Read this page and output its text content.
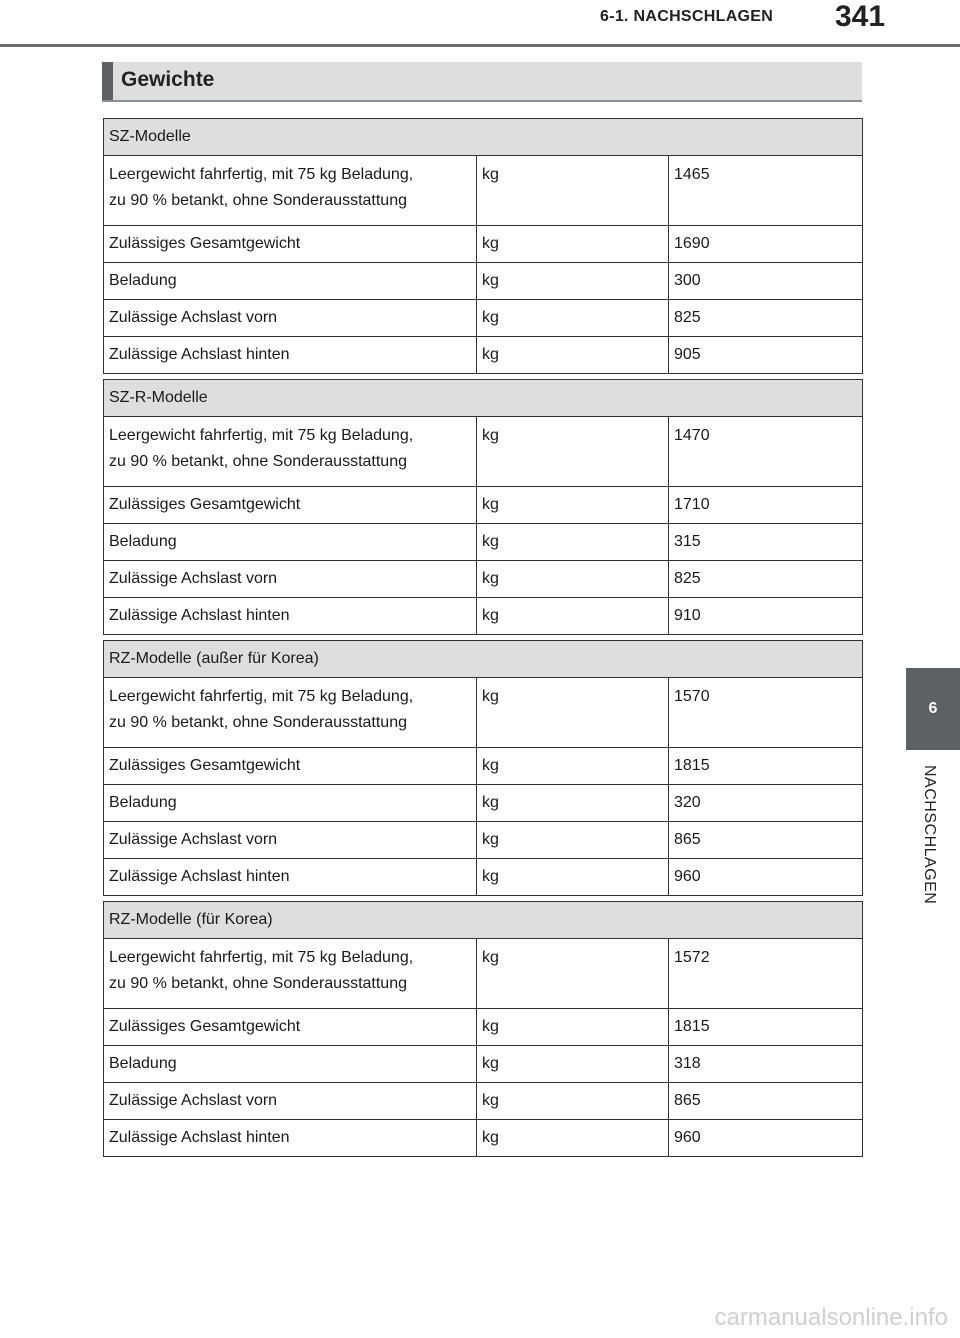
6-1. NACHSCHLAGEN 341
6
NACHSCHLAGEN
Gewichte
SZ-Modelle		
Leergewicht fahrfertig, mit 75 kg Beladung,
zu 90 % betankt, ohne Sonderausstattung	kg	1465
Zulässiges Gesamtgewicht	kg	1690
Beladung	kg	300
Zulässige Achslast vorn	kg	825
Zulässige Achslast hinten	kg	905
SZ-R-Modelle		
Leergewicht fahrfertig, mit 75 kg Beladung,
zu 90 % betankt, ohne Sonderausstattung	kg	1470
Zulässiges Gesamtgewicht	kg	1710
Beladung	kg	315
Zulässige Achslast vorn	kg	825
Zulässige Achslast hinten	kg	910
RZ-Modelle (außer für Korea)		
Leergewicht fahrfertig, mit 75 kg Beladung,
zu 90 % betankt, ohne Sonderausstattung	kg	1570
Zulässiges Gesamtgewicht	kg	1815
Beladung	kg	320
Zulässige Achslast vorn	kg	865
Zulässige Achslast hinten	kg	960
RZ-Modelle (für Korea)		
Leergewicht fahrfertig, mit 75 kg Beladung,
zu 90 % betankt, ohne Sonderausstattung	kg	1572
Zulässiges Gesamtgewicht	kg	1815
Beladung	kg	318
Zulässige Achslast vorn	kg	865
Zulässige Achslast hinten	kg	960
carmanualsonline.info
